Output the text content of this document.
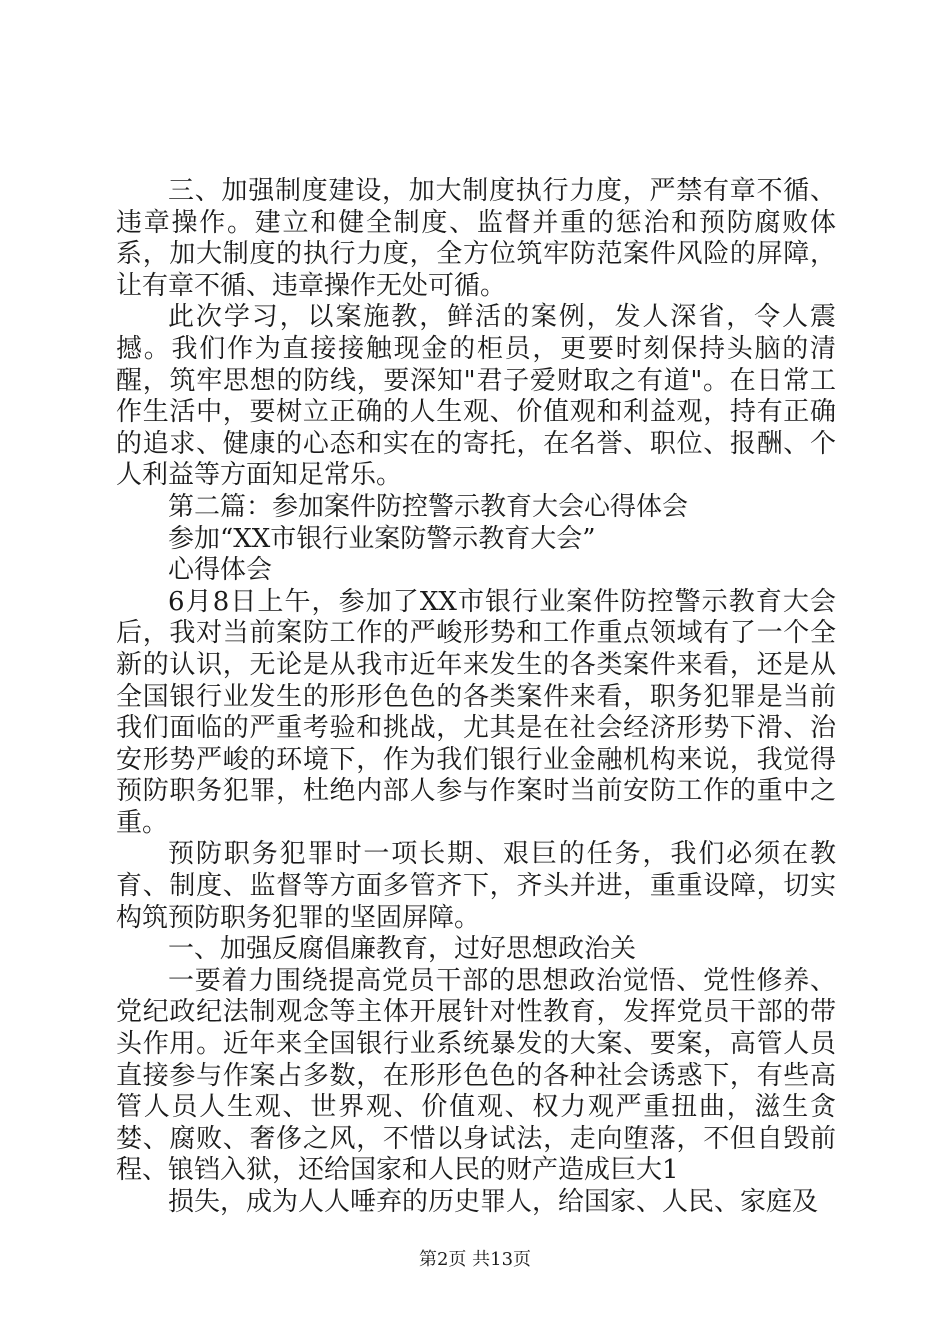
三、加强制度建设，加大制度执行力度，严禁有章不循、违章操作。建立和健全制度、监督并重的惩治和预防腐败体系，加大制度的执行力度，全方位筑牢防范案件风险的屏障，让有章不循、违章操作无处可循。

此次学习，以案施教，鲜活的案例，发人深省，令人震撼。我们作为直接接触现金的柜员，更要时刻保持头脑的清醒，筑牢思想的防线，要深知"君子爱财取之有道"。在日常工作生活中，要树立正确的人生观、价值观和利益观，持有正确的追求、健康的心态和实在的寄托，在名誉、职位、报酬、个人利益等方面知足常乐。

第二篇：参加案件防控警示教育大会心得体会

参加“XX市银行业案防警示教育大会”

心得体会

6月8日上午，参加了XX市银行业案件防控警示教育大会后，我对当前案防工作的严峻形势和工作重点领域有了一个全新的认识，无论是从我市近年来发生的各类案件来看，还是从全国银行业发生的形形色色的各类案件来看，职务犯罪是当前我们面临的严重考验和挑战，尤其是在社会经济形势下滑、治安形势严峻的环境下，作为我们银行业金融机构来说，我觉得预防职务犯罪，杜绝内部人参与作案时当前安防工作的重中之重。

预防职务犯罪时一项长期、艰巨的任务，我们必须在教育、制度、监督等方面多管齐下，齐头并进，重重设障，切实构筑预防职务犯罪的坚固屏障。

一、加强反腐倡廉教育，过好思想政治关

一要着力围绕提高党员干部的思想政治觉悟、党性修养、党纪政纪法制观念等主体开展针对性教育，发挥党员干部的带头作用。近年来全国银行业系统暴发的大案、要案，高管人员直接参与作案占多数，在形形色色的各种社会诱惑下，有些高管人员人生观、世界观、价值观、权力观严重扭曲，滋生贪婪、腐败、奢侈之风，不惜以身试法，走向堕落，不但自毁前程、锒铛入狱，还给国家和人民的财产造成巨大1

损失，成为人人唾弃的历史罪人，给国家、人民、家庭及

第2页 共13页
